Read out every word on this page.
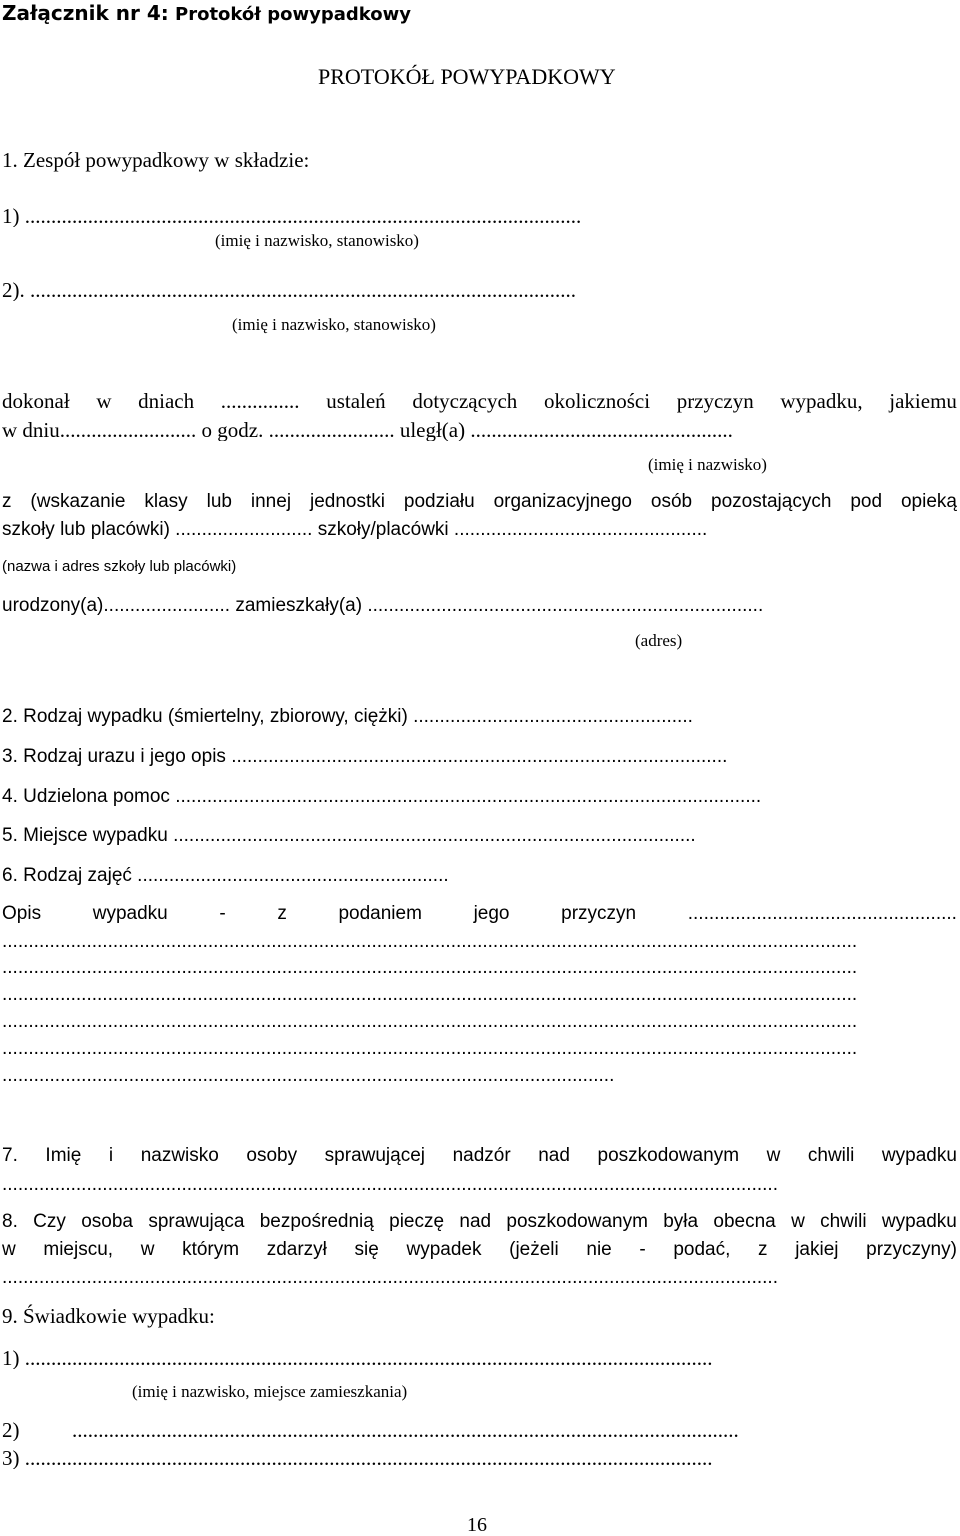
Załącznik nr 4: Protokół powypadkowy
PROTOKÓŁ POWYPADKOWY
1. Zespół powypadkowy w składzie:
1) ..........................................................................................................
(imię i nazwisko, stanowisko)
2). ........................................................................................................
(imię i nazwisko, stanowisko)
dokonał w dniach ............... ustaleń dotyczących okoliczności przyczyn wypadku, jakiemu
w dniu.......................... o godz. ........................ uległ(a) ..................................................
(imię i nazwisko)
z (wskazanie klasy lub innej jednostki podziału organizacyjnego osób pozostających pod opieką
szkoły lub placówki) .......................... szkoły/placówki ................................................
(nazwa i adres szkoły lub placówki)
urodzony(a)........................ zamieszkały(a) ...........................................................................
(adres)
2. Rodzaj wypadku (śmiertelny, zbiorowy, ciężki) .....................................................
3. Rodzaj urazu i jego opis ..............................................................................................
4. Udzielona pomoc ...............................................................................................................
5. Miejsce wypadku ...................................................................................................
6. Rodzaj zajęć ...........................................................
Opis	wypadku	-	z	podaniem	jego	przyczyn	...................................................
..................................................................................................................................................................
..................................................................................................................................................................
..................................................................................................................................................................
..................................................................................................................................................................
..................................................................................................................................................................
....................................................................................................................
7. Imię i nazwisko osoby sprawującej nadzór nad poszkodowanym w chwili wypadku
...................................................................................................................................................
8. Czy osoba sprawująca bezpośrednią pieczę nad poszkodowanym była obecna w chwili wypadku
w miejscu, w którym zdarzył się wypadek (jeżeli nie - podać, z jakiej przyczyny)
...................................................................................................................................................
9. Świadkowie wypadku:
1) ...................................................................................................................................
(imię i nazwisko, miejsce zamieszkania)
2)          ...............................................................................................................................
3) ...................................................................................................................................
16
